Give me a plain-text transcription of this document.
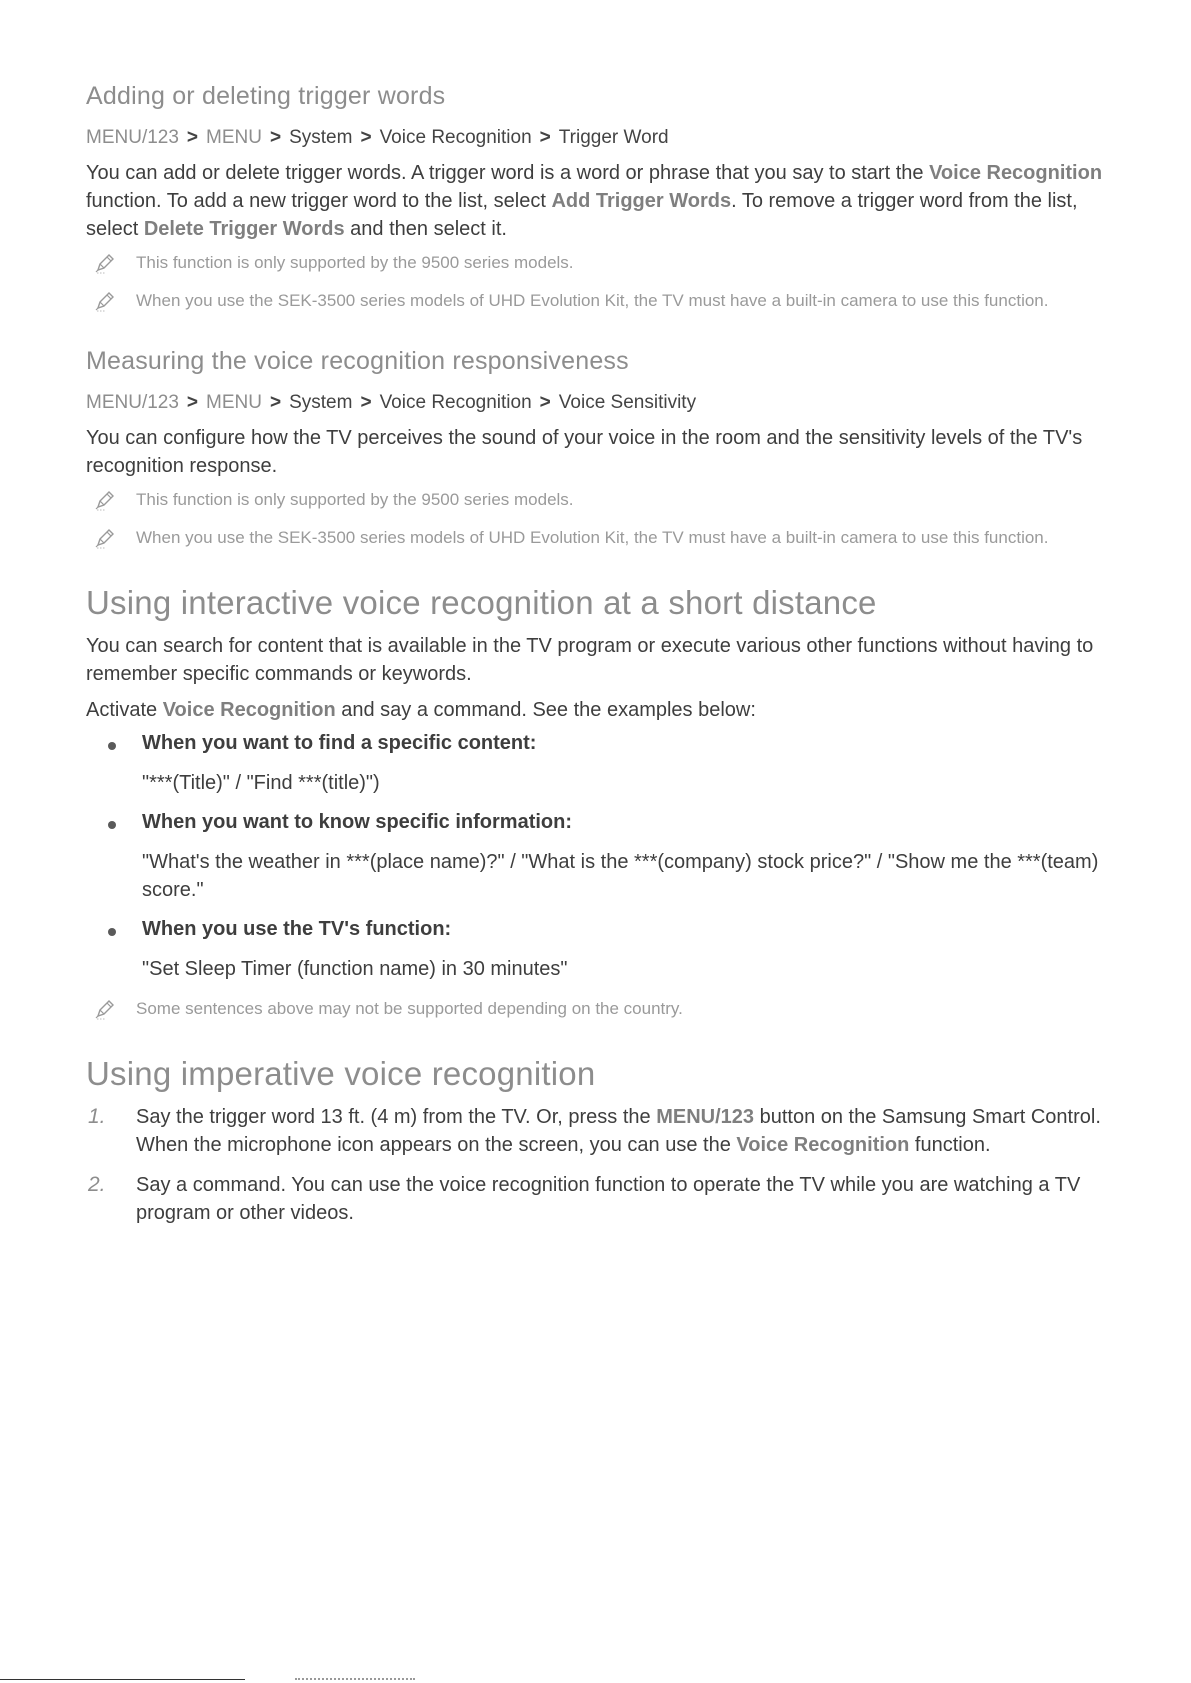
Adding or deleting trigger words
MENU/123 > MENU > System > Voice Recognition > Trigger Word

You can add or delete trigger words. A trigger word is a word or phrase that you say to start the Voice Recognition function. To add a new trigger word to the list, select Add Trigger Words. To remove a trigger word from the list, select Delete Trigger Words and then select it.

This function is only supported by the 9500 series models.
When you use the SEK-3500 series models of UHD Evolution Kit, the TV must have a built-in camera to use this function.
Measuring the voice recognition responsiveness
MENU/123 > MENU > System > Voice Recognition > Voice Sensitivity

You can configure how the TV perceives the sound of your voice in the room and the sensitivity levels of the TV's recognition response.

This function is only supported by the 9500 series models.
When you use the SEK-3500 series models of UHD Evolution Kit, the TV must have a built-in camera to use this function.
Using interactive voice recognition at a short distance

You can search for content that is available in the TV program or execute various other functions without having to remember specific commands or keywords.

Activate Voice Recognition and say a command. See the examples below:

When you want to find a specific content:
"***(Title)" / "Find ***(title)")
When you want to know specific information:
"What's the weather in ***(place name)?" / "What is the ***(company) stock price?" / "Show me the ***(team) score."
When you use the TV's function:
"Set Sleep Timer (function name) in 30 minutes"
Some sentences above may not be supported depending on the country.
Using imperative voice recognition
1. Say the trigger word 13 ft. (4 m) from the TV. Or, press the MENU/123 button on the Samsung Smart Control. When the microphone icon appears on the screen, you can use the Voice Recognition function.
2. Say a command. You can use the voice recognition function to operate the TV while you are watching a TV program or other videos.
